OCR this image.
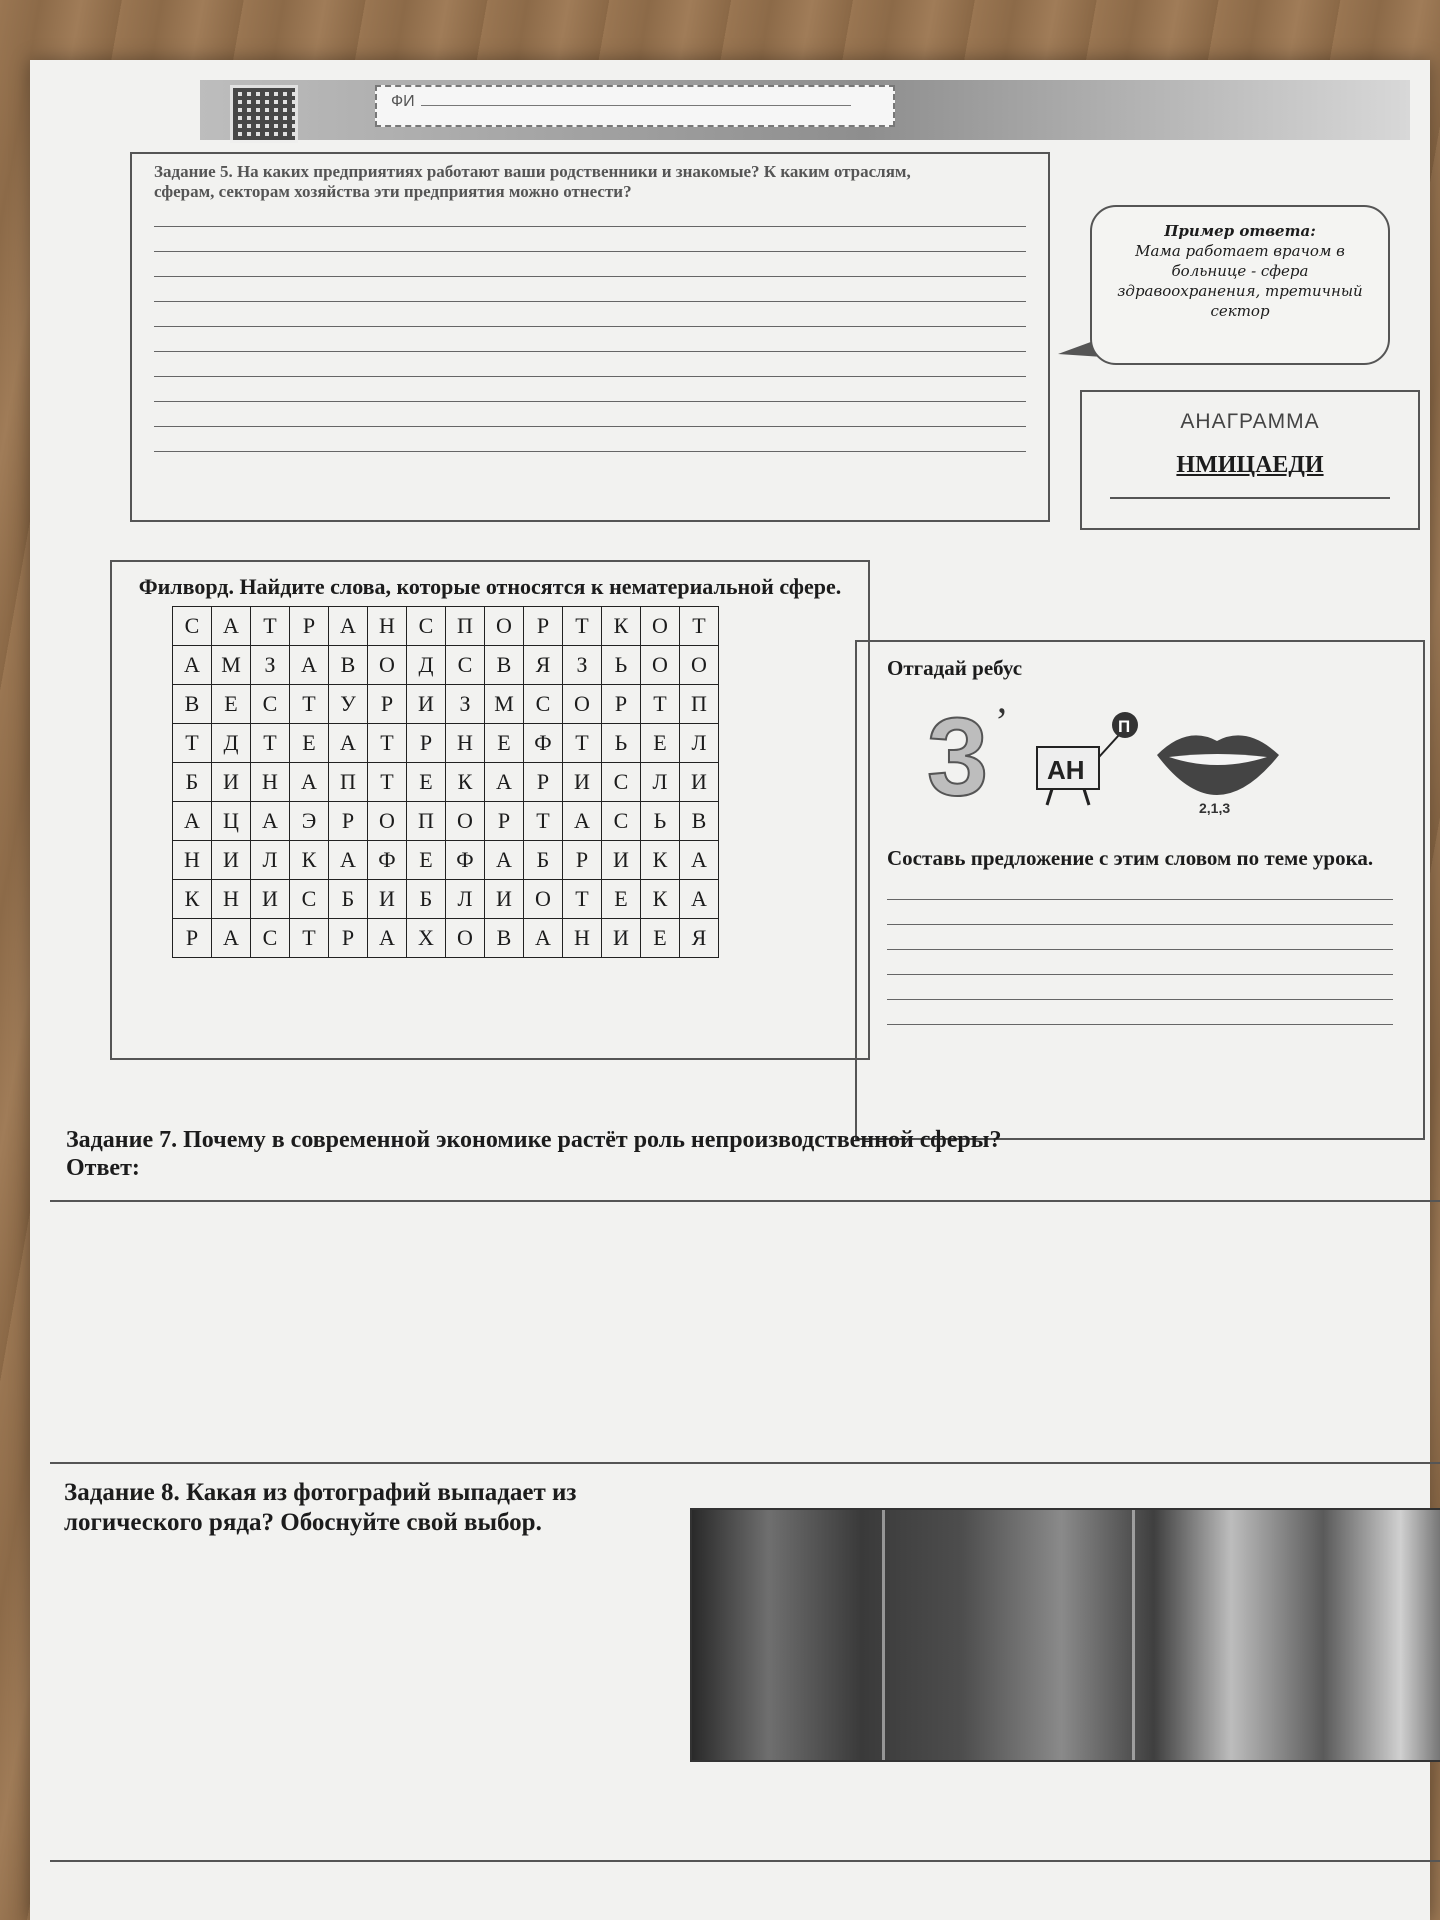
ФИ
Задание 5. На каких предприятиях работают ваши родственники и знакомые? К каким отраслям, сферам, секторам хозяйства эти предприятия можно отнести?
Пример ответа:
Мама работает врачом в больнице - сфера здравоохранения, третичный сектор
АНАГРАММА
НМИЦАЕДИ
Филворд. Найдите слова, которые относятся к нематериальной сфере.
С	А	Т	Р	А	Н	С	П	О	Р	Т	К	О	Т
А	М	З	А	В	О	Д	С	В	Я	З	Ь	О	О
В	Е	С	Т	У	Р	И	З	М	С	О	Р	Т	П
Т	Д	Т	Е	А	Т	Р	Н	Е	Ф	Т	Ь	Е	Л
Б	И	Н	А	П	Т	Е	К	А	Р	И	С	Л	И
А	Ц	А	Э	Р	О	П	О	Р	Т	А	С	Ь	В
Н	И	Л	К	А	Ф	Е	Ф	А	Б	Р	И	К	А
К	Н	И	С	Б	И	Б	Л	И	О	Т	Е	К	А
Р	А	С	Т	Р	А	Х	О	В	А	Н	И	Е	Я
Отгадай ребус
3 ’
АН
П
2,1,3
Составь предложение с этим словом по теме урока.
Задание 7. Почему в современной экономике растёт роль непроизводственной сферы?
Ответ:
Задание 8. Какая из фотографий выпадает из логического ряда? Обоснуйте свой выбор.
